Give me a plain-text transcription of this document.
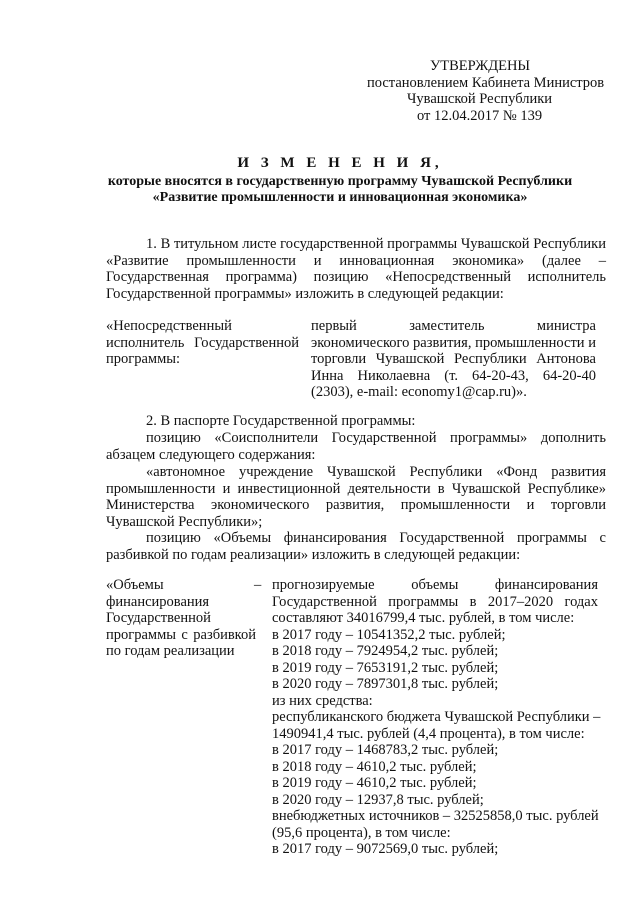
УТВЕРЖДЕНЫ
постановлением Кабинета Министров
Чувашской Республики
от 12.04.2017 № 139
И З М Е Н Е Н И Я,
которые вносятся в государственную программу Чувашской Республики
«Развитие промышленности и инновационная экономика»
1. В титульном листе государственной программы Чувашской Республики «Развитие промышленности и инновационная экономика» (далее – Государственная программа) позицию «Непосредственный исполнитель Государственной программы» изложить в следующей редакции:
«Непосредственный исполнитель Государственной программы:
первый заместитель министра экономического развития, промышленности и торговли Чувашской Республики Антонова Инна Николаевна (т. 64-20-43, 64-20-40 (2303), e-mail: economy1@cap.ru)».
2. В паспорте Государственной программы:
позицию «Соисполнители Государственной программы» дополнить абзацем следующего содержания:
«автономное учреждение Чувашской Республики «Фонд развития промышленности и инвестиционной деятельности в Чувашской Республике» Министерства экономического развития, промышленности и торговли Чувашской Республики»;
позицию «Объемы финансирования Государственной программы с разбивкой по годам реализации» изложить в следующей редакции:
«Объемы финансирования Государственной программы с разбивкой по годам реализации
– прогнозируемые объемы финансирования Государственной программы в 2017–2020 годах составляют 34016799,4 тыс. рублей, в том числе:

в 2017 году – 10541352,2 тыс. рублей;
в 2018 году – 7924954,2 тыс. рублей;
в 2019 году – 7653191,2 тыс. рублей;
в 2020 году – 7897301,8 тыс. рублей;
из них средства:
республиканского бюджета Чувашской Республики –
1490941,4 тыс. рублей (4,4 процента), в том числе:
в 2017 году – 1468783,2 тыс. рублей;
в 2018 году – 4610,2 тыс. рублей;
в 2019 году – 4610,2 тыс. рублей;
в 2020 году – 12937,8 тыс. рублей;
внебюджетных источников – 32525858,0 тыс. рублей
(95,6 процента), в том числе:
в 2017 году – 9072569,0 тыс. рублей;
